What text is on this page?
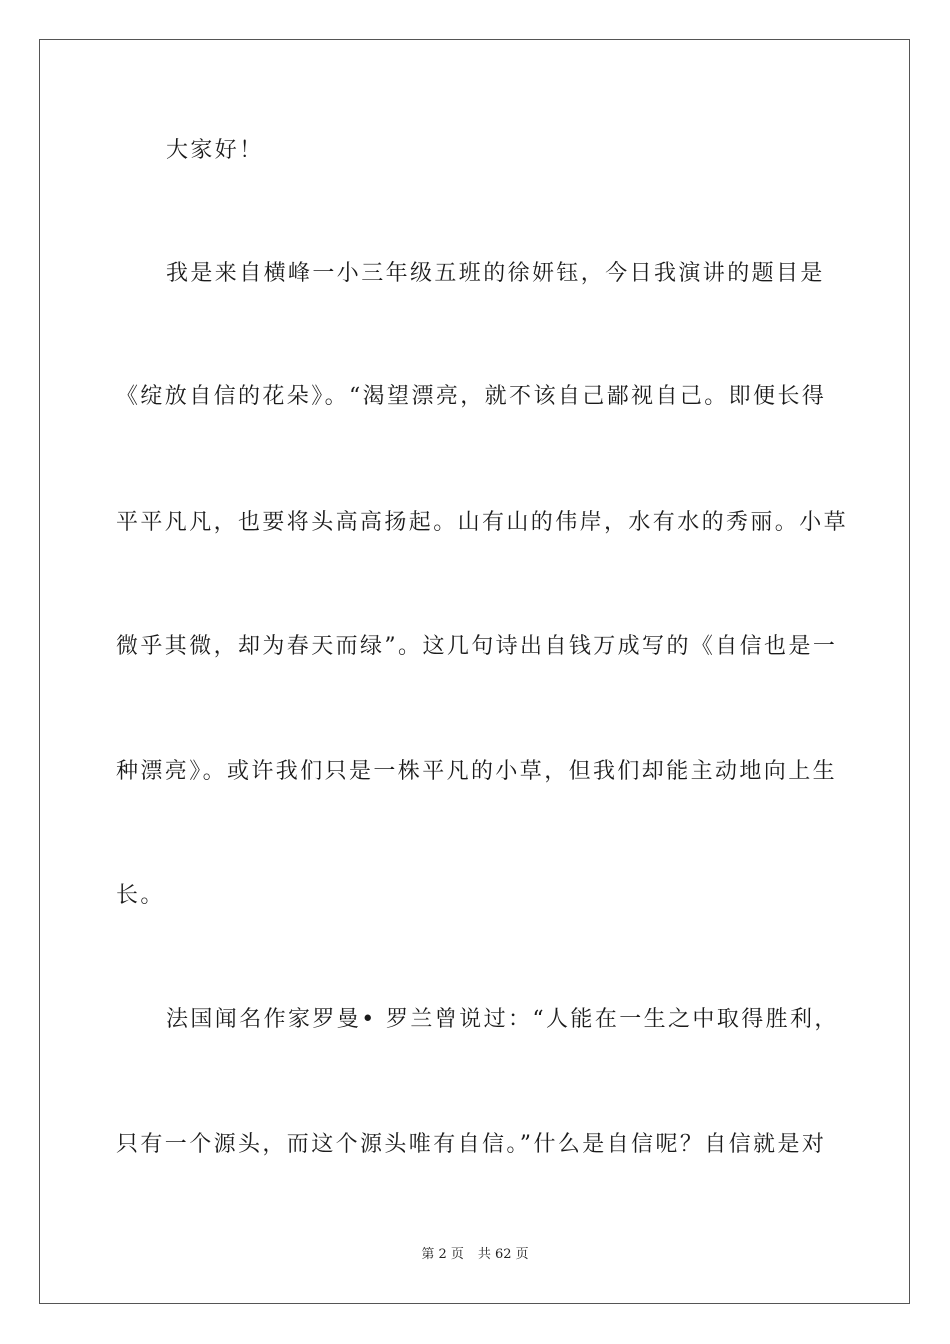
大家好！
我是来自横峰一小三年级五班的徐妍钰，今日我演讲的题目是
《绽放自信的花朵》。“渴望漂亮，就不该自己鄙视自己。即便长得
平平凡凡，也要将头高高扬起。山有山的伟岸，水有水的秀丽。小草
微乎其微，却为春天而绿”。这几句诗出自钱万成写的《自信也是一
种漂亮》。或许我们只是一株平凡的小草，但我们却能主动地向上生
长。
法国闻名作家罗曼• 罗兰曾说过：“人能在一生之中取得胜利，
只有一个源头，而这个源头唯有自信。”什么是自信呢？自信就是对
第 2 页 共 62 页
